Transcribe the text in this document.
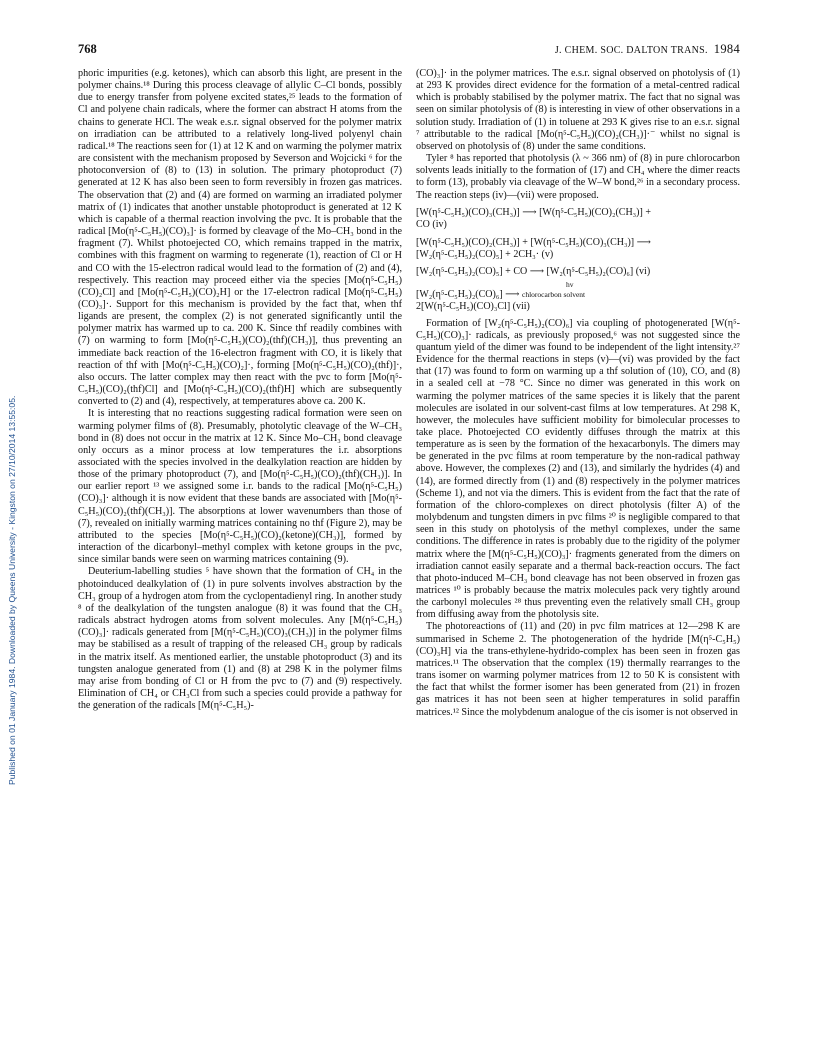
768	J. CHEM. SOC. DALTON TRANS. 1984
Published on 01 January 1984. Downloaded by Queens University - Kingston on 27/10/2014 13:55:05.

phoric impurities (e.g. ketones), which can absorb this light, are present in the polymer chains.¹⁸ During this process cleavage of allylic C–Cl bonds, possibly due to energy transfer from polyene excited states,²⁵ leads to the formation of Cl and polyene chain radicals, where the former can abstract H atoms from the chains to generate HCl. The weak e.s.r. signal observed for the polymer matrix on irradiation can be attributed to a relatively long-lived polyenyl chain radical.¹⁸ The reactions seen for (1) at 12 K and on warming the polymer matrix are consistent with the mechanism proposed by Severson and Wojcicki ⁶ for the photoconversion of (8) to (13) in solution. The primary photoproduct (7) generated at 12 K has also been seen to form reversibly in frozen gas matrices. The observation that (2) and (4) are formed on warming an irradiated polymer matrix of (1) indicates that another unstable photoproduct is generated at 12 K which is capable of a thermal reaction involving the pvc. It is probable that the radical [Mo(η⁵-C₅H₅)(CO)₃]· is formed by cleavage of the Mo–CH₃ bond in the fragment (7). Whilst photoejected CO, which remains trapped in the matrix, combines with this fragment on warming to regenerate (1), reaction of Cl or H and CO with the 15-electron radical would lead to the formation of (2) and (4), respectively. This reaction may proceed either via the species [Mo(η⁵-C₅H₅)(CO)₂Cl] and [Mo(η⁵-C₅H₅)(CO)₂H] or the 17-electron radical [Mo(η⁵-C₅H₅)(CO)₃]·. Support for this mechanism is provided by the fact that, when thf ligands are present, the complex (2) is not generated significantly until the polymer matrix has warmed up to ca. 200 K. Since thf readily combines with (7) on warming to form [Mo(η⁵-C₅H₅)(CO)₂(thf)(CH₃)], thus preventing an immediate back reaction of the 16-electron fragment with CO, it is likely that reaction of thf with [Mo(η⁵-C₅H₅)(CO)₂]·, forming [Mo(η⁵-C₅H₅)(CO)₂(thf)]·, also occurs. The latter complex may then react with the pvc to form [Mo(η⁵-C₅H₅)(CO)₂(thf)Cl] and [Mo(η⁵-C₅H₅)(CO)₂(thf)H] which are subsequently converted to (2) and (4), respectively, at temperatures above ca. 200 K.

It is interesting that no reactions suggesting radical formation were seen on warming polymer films of (8). Presumably, photolytic cleavage of the W–CH₃ bond in (8) does not occur in the matrix at 12 K. Since Mo–CH₃ bond cleavage only occurs as a minor process at low temperatures the i.r. absorptions associated with the species involved in the dealkylation reaction are hidden by those of the primary photoproduct (7), and [Mo(η⁵-C₅H₅)(CO)₂(thf)(CH₃)]. In our earlier report ¹³ we assigned some i.r. bands to the radical [Mo(η⁵-C₅H₅)(CO)₃]· although it is now evident that these bands are associated with [Mo(η⁵-C₅H₅)(CO)₂(thf)(CH₃)]. The absorptions at lower wavenumbers than those of (7), revealed on initially warming matrices containing no thf (Figure 2), may be attributed to the species [Mo(η⁵-C₅H₅)(CO)₂(ketone)(CH₃)], formed by interaction of the dicarbonyl–methyl complex with ketone groups in the pvc, since similar bands were seen on warming matrices containing (9).

Deuterium-labelling studies ⁵ have shown that the formation of CH₄ in the photoinduced dealkylation of (1) in pure solvents involves abstraction by the CH₃ group of a hydrogen atom from the cyclopentadienyl ring. In another study ⁸ of the dealkylation of the tungsten analogue (8) it was found that the CH₃ radicals abstract hydrogen atoms from solvent molecules. Any [M(η⁵-C₅H₅)(CO)₃]· radicals generated from [M(η⁵-C₅H₅)(CO)₃(CH₃)] in the polymer films may be stabilised as a result of trapping of the released CH₃ group by radicals in the matrix itself. As mentioned earlier, the unstable photoproduct (3) and its tungsten analogue generated from (1) and (8) at 298 K in the polymer films may arise from bonding of Cl or H from the pvc to (7) and (9) respectively. Elimination of CH₄ or CH₃Cl from such a species could provide a pathway for the generation of the radicals [M(η⁵-C₅H₅)-

(CO)₃]· in the polymer matrices. The e.s.r. signal observed on photolysis of (1) at 293 K provides direct evidence for the formation of a metal-centred radical which is probably stabilised by the polymer matrix. The fact that no signal was seen on similar photolysis of (8) is interesting in view of other observations in a solution study. Irradiation of (1) in toluene at 293 K gives rise to an e.s.r. signal ⁷ attributable to the radical [Mo(η⁵-C₅H₅)(CO)₂(CH₃)]·⁻ whilst no signal is observed on photolysis of (8) under the same conditions.

Tyler ⁸ has reported that photolysis (λ ~ 366 nm) of (8) in pure chlorocarbon solvents leads initially to the formation of (17) and CH₄ where the dimer reacts to form (13), probably via cleavage of the W–W bond,²⁶ in a secondary process. The reaction steps (iv)—(vii) were proposed.

[W(η⁵-C₅H₅)(CO)₃(CH₃)] ⟶ [W(η⁵-C₅H₅)(CO)₂(CH₃)] +
CO (iv)
[W(η⁵-C₅H₅)(CO)₂(CH₃)] + [W(η⁵-C₅H₅)(CO)₃(CH₃)] ⟶
[W₂(η⁵-C₅H₅)₂(CO)₅] + 2CH₃· (v)
[W₂(η⁵-C₅H₅)₂(CO)₅] + CO ⟶ [W₂(η⁵-C₅H₅)₂(CO)₆] (vi)
hv
[W₂(η⁵-C₅H₅)₂(CO)₆] ⟶ chlorocarbon solvent
2[W(η⁵-C₅H₅)(CO)₃Cl] (vii)

Formation of [W₂(η⁵-C₅H₅)₂(CO)₆] via coupling of photogenerated [W(η⁵-C₅H₅)(CO)₃]· radicals, as previously proposed,⁶ was not suggested since the quantum yield of the dimer was found to be independent of the light intensity.²⁷ Evidence for the thermal reactions in steps (v)—(vi) was provided by the fact that (17) was found to form on warming up a thf solution of (10), CO, and (8) in a sealed cell at −78 °C. Since no dimer was generated in this work on warming the polymer matrices of the same species it is likely that the parent molecules are isolated in our solvent-cast films at low temperatures. At 298 K, however, the molecules have sufficient mobility for bimolecular processes to take place. Photoejected CO evidently diffuses through the matrix at this temperature as is seen by the formation of the hexacarbonyls. The dimers may be generated in the pvc films at room temperature by the non-radical pathway above. However, the complexes (2) and (13), and similarly the hydrides (4) and (14), are formed directly from (1) and (8) respectively in the polymer matrices (Scheme 1), and not via the dimers. This is evident from the fact that the rate of formation of the chloro-complexes on direct photolysis (filter A) of the molybdenum and tungsten dimers in pvc films ²⁰ is negligible compared to that seen in this study on photolysis of the methyl complexes, under the same conditions. The difference in rates is probably due to the rigidity of the polymer matrix where the [M(η⁵-C₅H₅)(CO)₃]· fragments generated from the dimers on irradiation cannot easily separate and a thermal back-reaction occurs. The fact that photo-induced M–CH₃ bond cleavage has not been observed in frozen gas matrices ¹⁰ is probably because the matrix molecules pack very tightly around the carbonyl molecules ²⁸ thus preventing even the relatively small CH₃ group from diffusing away from the photolysis site.

The photoreactions of (11) and (20) in pvc film matrices at 12—298 K are summarised in Scheme 2. The photogeneration of the hydride [M(η⁵-C₅H₅)(CO)₃H] via the trans-ethylene-hydrido-complex has been seen in frozen gas matrices.¹¹ The observation that the complex (19) thermally rearranges to the trans isomer on warming polymer matrices from 12 to 50 K is consistent with the fact that whilst the former isomer has been generated from (21) in frozen gas matrices it has not been seen at higher temperatures in solid paraffin matrices.¹² Since the molybdenum analogue of the cis isomer is not observed in
